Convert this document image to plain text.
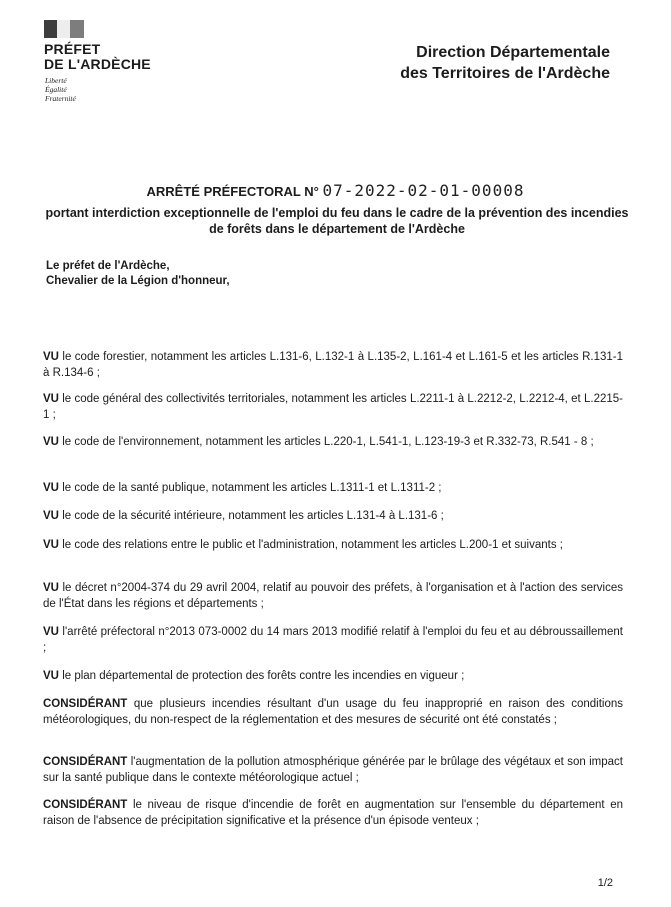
PRÉFET
DE L'ARDÈCHE
Liberté
Égalité
Fraternité
Direction Départementale
des Territoires de l'Ardèche
ARRÊTÉ PRÉFECTORAL N° 07-2022-02-01-00008
portant interdiction exceptionnelle de l'emploi du feu dans le cadre de la prévention des incendies de forêts dans le département de l'Ardèche
Le préfet de l'Ardèche,
Chevalier de la Légion d'honneur,
VU le code forestier, notamment les articles L.131-6, L.132-1 à L.135-2, L.161-4 et L.161-5 et les articles R.131-1 à R.134-6 ;
VU le code général des collectivités territoriales, notamment les articles L.2211-1 à L.2212-2, L.2212-4, et L.2215-1 ;
VU le code de l'environnement, notamment les articles L.220-1, L.541-1, L.123-19-3 et R.332-73, R.541 - 8 ;
VU le code de la santé publique, notamment les articles L.1311-1 et L.1311-2 ;
VU le code de la sécurité intérieure, notamment les articles L.131-4 à L.131-6 ;
VU le code des relations entre le public et l'administration, notamment les articles L.200-1 et suivants ;
VU le décret n°2004-374 du 29 avril 2004, relatif au pouvoir des préfets, à l'organisation et à l'action des services de l'État dans les régions et départements ;
VU l'arrêté préfectoral n°2013 073-0002 du 14 mars 2013 modifié relatif à l'emploi du feu et au débroussaillement ;
VU le plan départemental de protection des forêts contre les incendies en vigueur ;
CONSIDÉRANT que plusieurs incendies résultant d'un usage du feu inapproprié en raison des conditions météorologiques, du non-respect de la réglementation et des mesures de sécurité ont été constatés ;
CONSIDÉRANT l'augmentation de la pollution atmosphérique générée par le brûlage des végétaux et son impact sur la santé publique dans le contexte météorologique actuel ;
CONSIDÉRANT le niveau de risque d'incendie de forêt en augmentation sur l'ensemble du département en raison de l'absence de précipitation significative et la présence d'un épisode venteux ;
1/2
